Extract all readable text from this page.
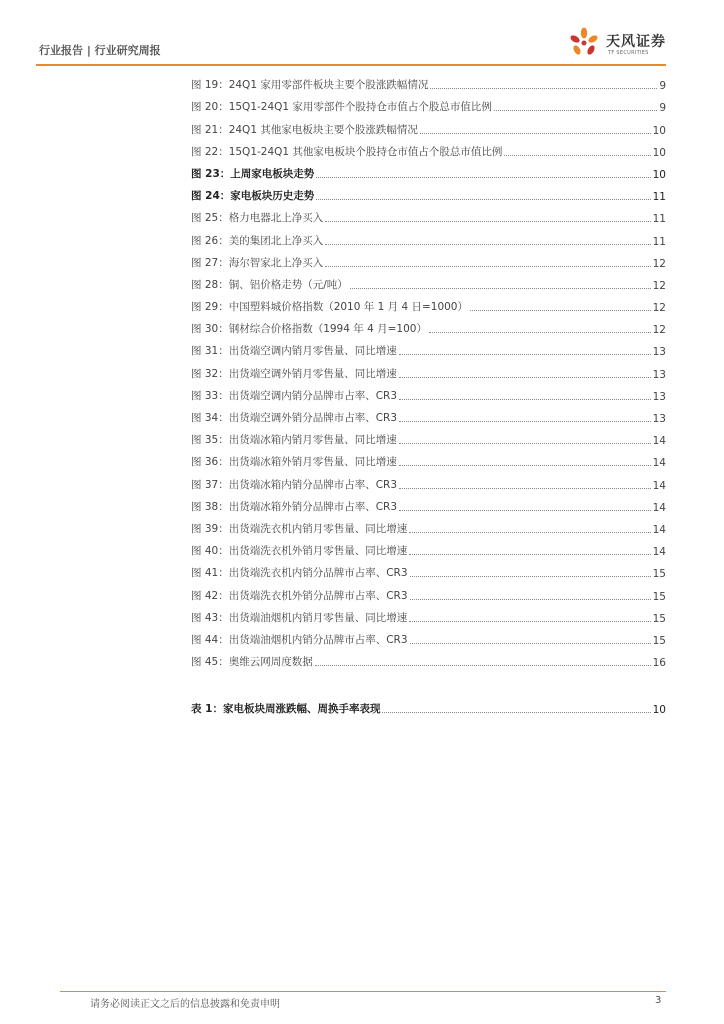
行业报告 | 行业研究周报
天风证券
TF SECURITIES
图 19：24Q1 家用零部件板块主要个股涨跌幅情况	9
图 20：15Q1-24Q1 家用零部件个股持仓市值占个股总市值比例	9
图 21：24Q1 其他家电板块主要个股涨跌幅情况	10
图 22：15Q1-24Q1 其他家电板块个股持仓市值占个股总市值比例	10
图 23：上周家电板块走势	10
图 24：家电板块历史走势	11
图 25：格力电器北上净买入	11
图 26：美的集团北上净买入	11
图 27：海尔智家北上净买入	12
图 28：铜、铝价格走势（元/吨）	12
图 29：中国塑料城价格指数（2010 年 1 月 4 日=1000）	12
图 30：钢材综合价格指数（1994 年 4 月=100）	12
图 31：出货端空调内销月零售量、同比增速	13
图 32：出货端空调外销月零售量、同比增速	13
图 33：出货端空调内销分品牌市占率、CR3	13
图 34：出货端空调外销分品牌市占率、CR3	13
图 35：出货端冰箱内销月零售量、同比增速	14
图 36：出货端冰箱外销月零售量、同比增速	14
图 37：出货端冰箱内销分品牌市占率、CR3	14
图 38：出货端冰箱外销分品牌市占率、CR3	14
图 39：出货端洗衣机内销月零售量、同比增速	14
图 40：出货端洗衣机外销月零售量、同比增速	14
图 41：出货端洗衣机内销分品牌市占率、CR3	15
图 42：出货端洗衣机外销分品牌市占率、CR3	15
图 43：出货端油烟机内销月零售量、同比增速	15
图 44：出货端油烟机内销分品牌市占率、CR3	15
图 45：奥维云网周度数据	16
表 1：家电板块周涨跌幅、周换手率表现	10
请务必阅读正文之后的信息披露和免责申明	3
